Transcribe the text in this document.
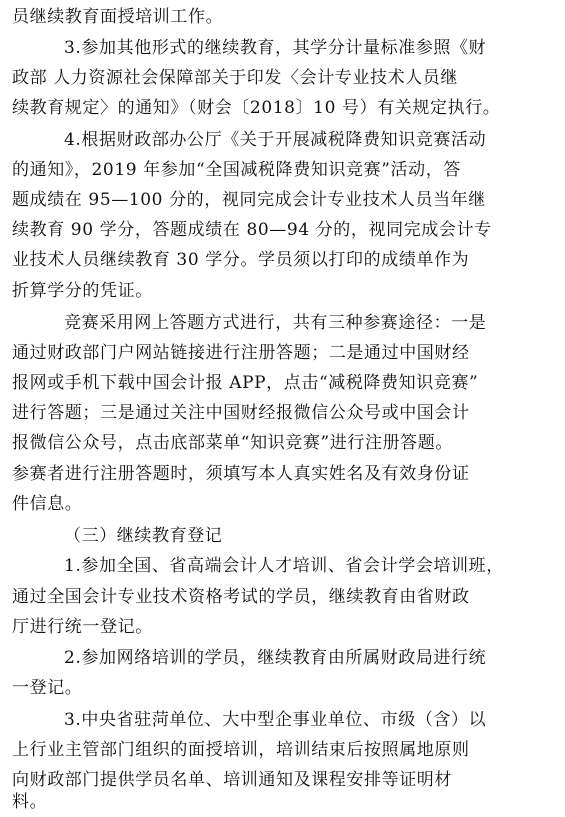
员继续教育面授培训工作。
3.参加其他形式的继续教育，其学分计量标准参照《财
政部 人力资源社会保障部关于印发〈会计专业技术人员继
续教育规定〉的通知》（财会〔2018〕10 号）有关规定执行。
4.根据财政部办公厅《关于开展减税降费知识竞赛活动
的通知》，2019 年参加“全国减税降费知识竞赛”活动，答
题成绩在 95—100 分的，视同完成会计专业技术人员当年继
续教育 90 学分，答题成绩在 80—94 分的，视同完成会计专
业技术人员继续教育 30 学分。学员须以打印的成绩单作为
折算学分的凭证。
竞赛采用网上答题方式进行，共有三种参赛途径：一是
通过财政部门户网站链接进行注册答题；二是通过中国财经
报网或手机下载中国会计报 APP，点击“减税降费知识竞赛”
进行答题；三是通过关注中国财经报微信公众号或中国会计
报微信公众号，点击底部菜单“知识竞赛”进行注册答题。
参赛者进行注册答题时，须填写本人真实姓名及有效身份证
件信息。
（三）继续教育登记
1.参加全国、省高端会计人才培训、省会计学会培训班，
通过全国会计专业技术资格考试的学员，继续教育由省财政
厅进行统一登记。
2.参加网络培训的学员，继续教育由所属财政局进行统
一登记。
3.中央省驻菏单位、大中型企事业单位、市级（含）以
上行业主管部门组织的面授培训，培训结束后按照属地原则
向财政部门提供学员名单、培训通知及课程安排等证明材
料。
